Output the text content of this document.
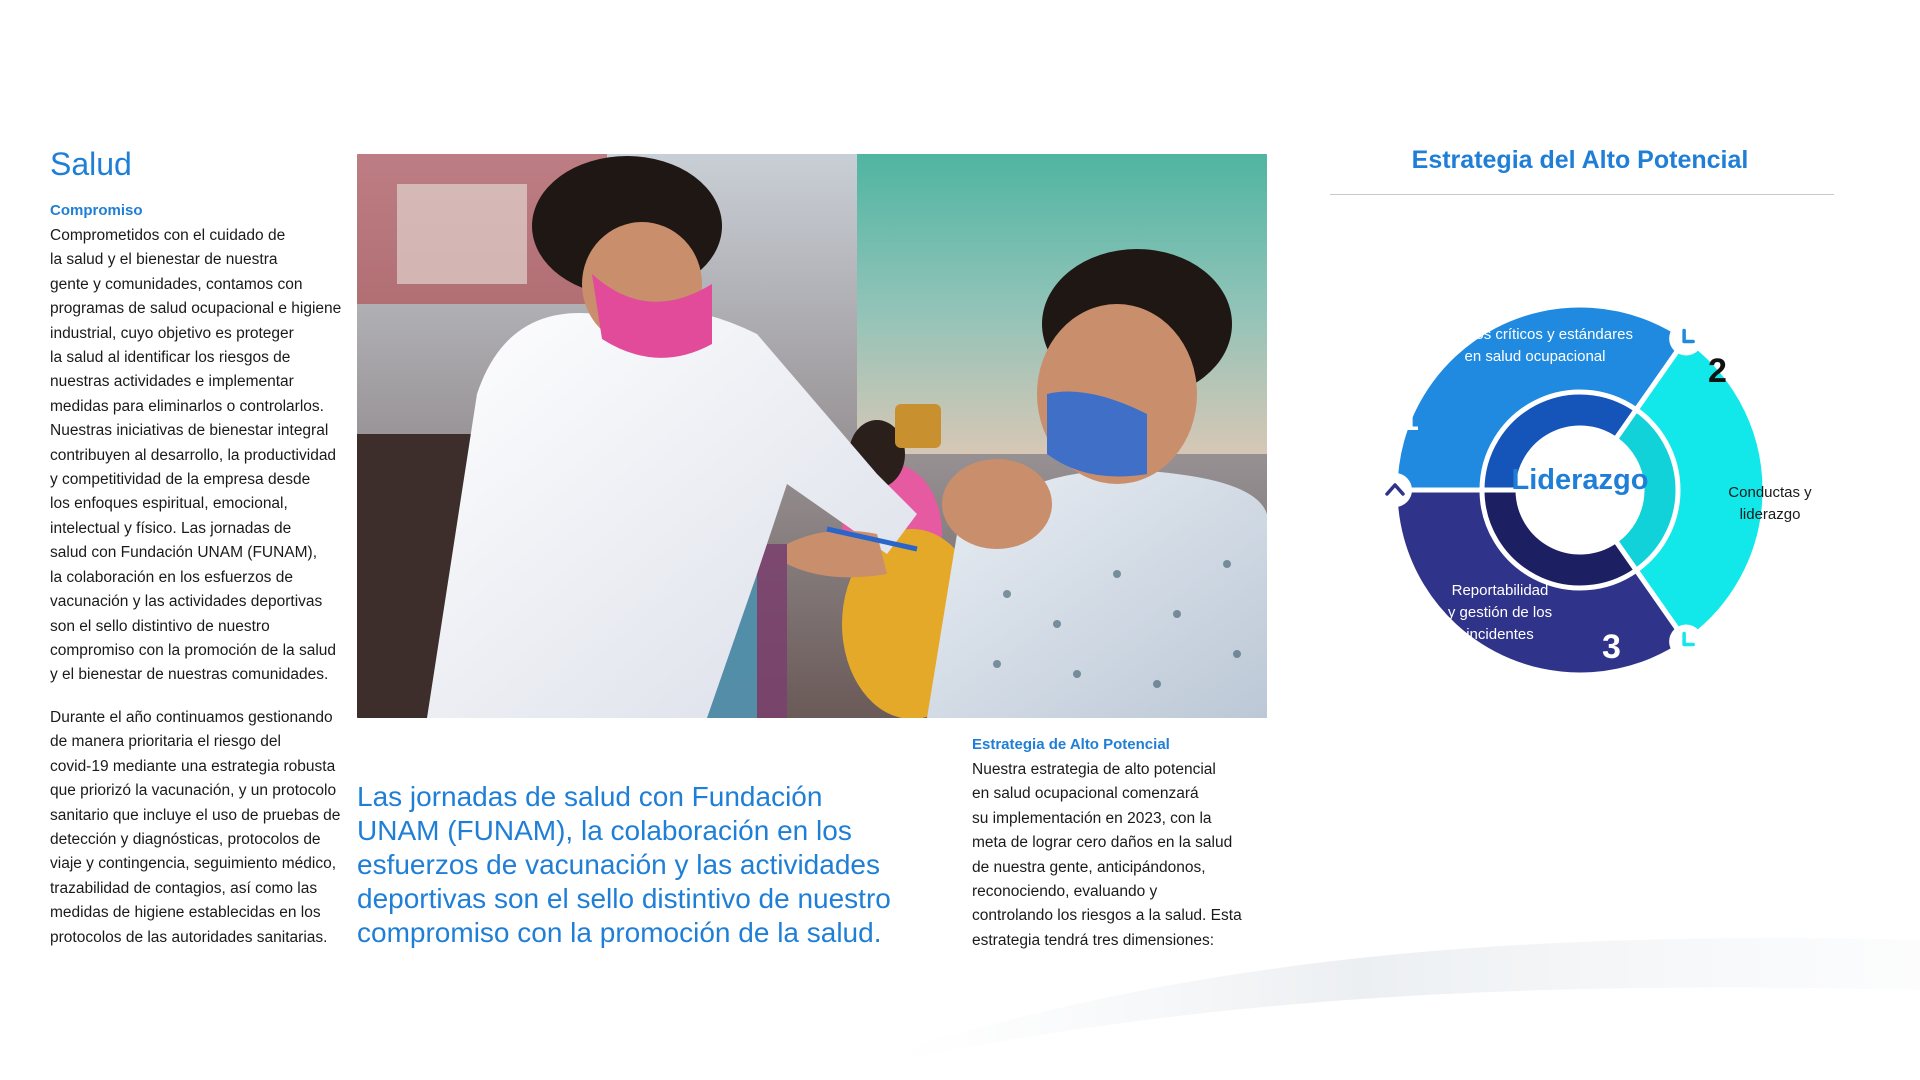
Salud
Compromiso
Comprometidos con el cuidado de
la salud y el bienestar de nuestra
gente y comunidades, contamos con
programas de salud ocupacional e higiene
industrial, cuyo objetivo es proteger
la salud al identificar los riesgos de
nuestras actividades e implementar
medidas para eliminarlos o controlarlos.
Nuestras iniciativas de bienestar integral
contribuyen al desarrollo, la productividad
y competitividad de la empresa desde
los enfoques espiritual, emocional,
intelectual y físico. Las jornadas de
salud con Fundación UNAM (FUNAM),
la colaboración en los esfuerzos de
vacunación y las actividades deportivas
son el sello distintivo de nuestro
compromiso con la promoción de la salud
y el bienestar de nuestras comunidades.
Durante el año continuamos gestionando
de manera prioritaria el riesgo del
covid-19 mediante una estrategia robusta
que priorizó la vacunación, y un protocolo
sanitario que incluye el uso de pruebas de
detección y diagnósticas, protocolos de
viaje y contingencia, seguimiento médico,
trazabilidad de contagios, así como las
medidas de higiene establecidas en los
protocolos de las autoridades sanitarias.
Las jornadas de salud con Fundación
UNAM (FUNAM), la colaboración en los
esfuerzos de vacunación y las actividades
deportivas son el sello distintivo de nuestro
compromiso con la promoción de la salud.
Estrategia de Alto Potencial
Nuestra estrategia de alto potencial
en salud ocupacional comenzará
su implementación en 2023, con la
meta de lograr cero daños en la salud
de nuestra gente, anticipándonos,
reconociendo, evaluando y
controlando los riesgos a la salud. Esta
estrategia tendrá tres dimensiones:
Estrategia del Alto Potencial
Liderazgo
Riesgos críticos y estándares
en salud ocupacional
1
Conductas y
liderazgo
2
Reportabilidad
y gestión de los
incidentes	3
